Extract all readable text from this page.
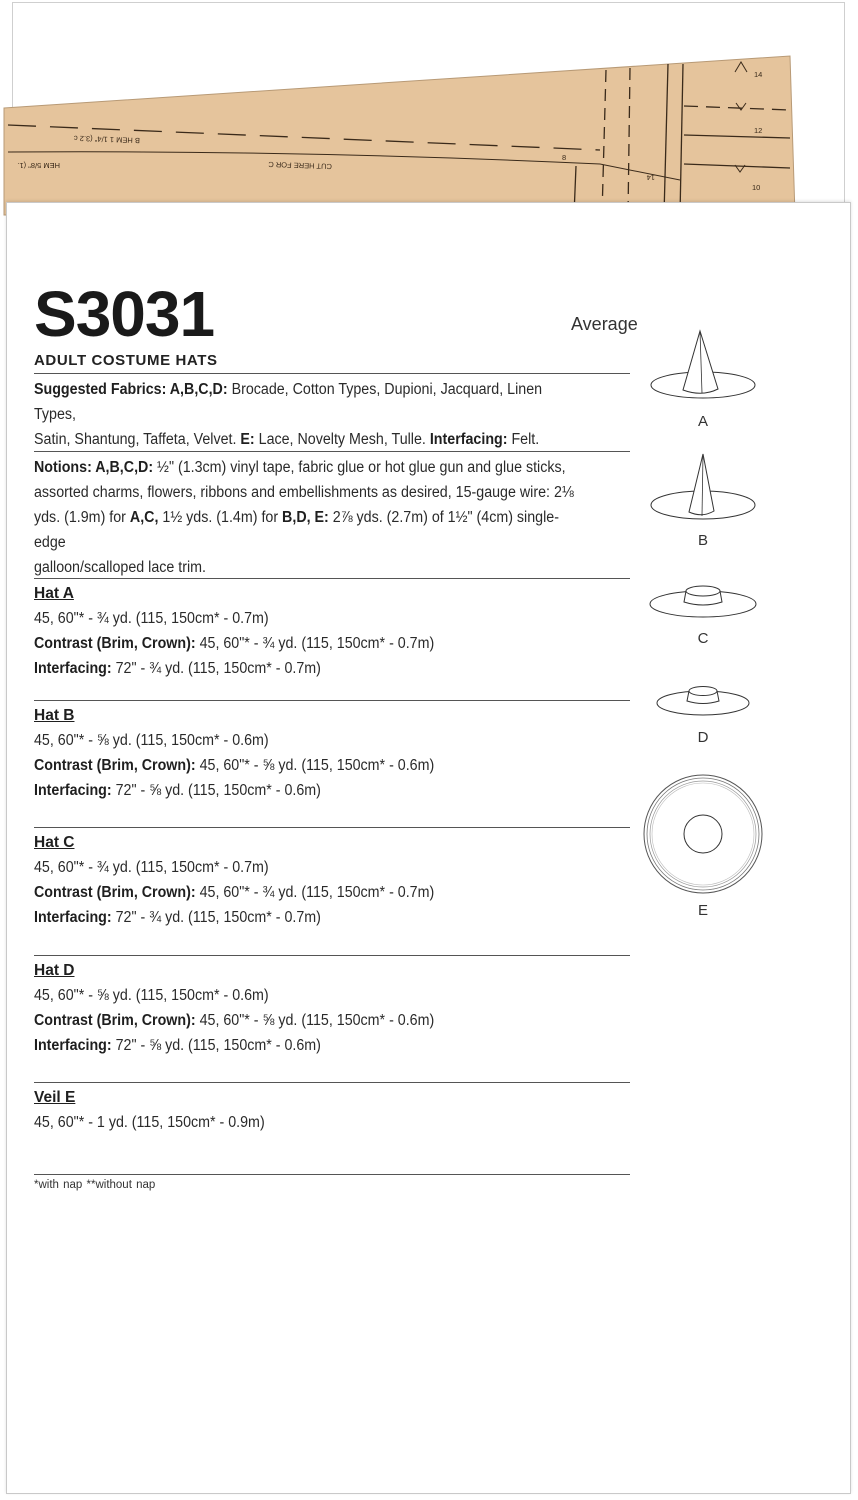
B HEM 1 1/4" (3.2 c
HEM 5/8" (1.	CUT HERE FOR C
8
14
14
12
10
S3031	Average
ADULT COSTUME HATS
Suggested Fabrics: A,B,C,D: Brocade, Cotton Types, Dupioni, Jacquard, Linen Types,
Satin, Shantung, Taffeta, Velvet. E: Lace, Novelty Mesh, Tulle. Interfacing: Felt.
Notions: A,B,C,D: ½" (1.3cm) vinyl tape, fabric glue or hot glue gun and glue sticks,
assorted charms, flowers, ribbons and embellishments as desired, 15-gauge wire: 2⅛
yds. (1.9m) for A,C, 1½ yds. (1.4m) for B,D, E: 2⅞ yds. (2.7m) of 1½" (4cm) single-edge
galloon/scalloped lace trim.
Hat A
45, 60"* - ¾ yd. (115, 150cm* - 0.7m)
Contrast (Brim, Crown): 45, 60"* - ¾ yd. (115, 150cm* - 0.7m)
Interfacing: 72" - ¾ yd. (115, 150cm* - 0.7m)
Hat B
45, 60"* - ⅝ yd. (115, 150cm* - 0.6m)
Contrast (Brim, Crown): 45, 60"* - ⅝ yd. (115, 150cm* - 0.6m)
Interfacing: 72" - ⅝ yd. (115, 150cm* - 0.6m)
Hat C
45, 60"* - ¾ yd. (115, 150cm* - 0.7m)
Contrast (Brim, Crown): 45, 60"* - ¾ yd. (115, 150cm* - 0.7m)
Interfacing: 72" - ¾ yd. (115, 150cm* - 0.7m)
Hat D
45, 60"* - ⅝ yd. (115, 150cm* - 0.6m)
Contrast (Brim, Crown): 45, 60"* - ⅝ yd. (115, 150cm* - 0.6m)
Interfacing: 72" - ⅝ yd. (115, 150cm* - 0.6m)
Veil E
45, 60"* - 1 yd. (115, 150cm* - 0.9m)
*with nap **without nap
A
B
C
D
E
